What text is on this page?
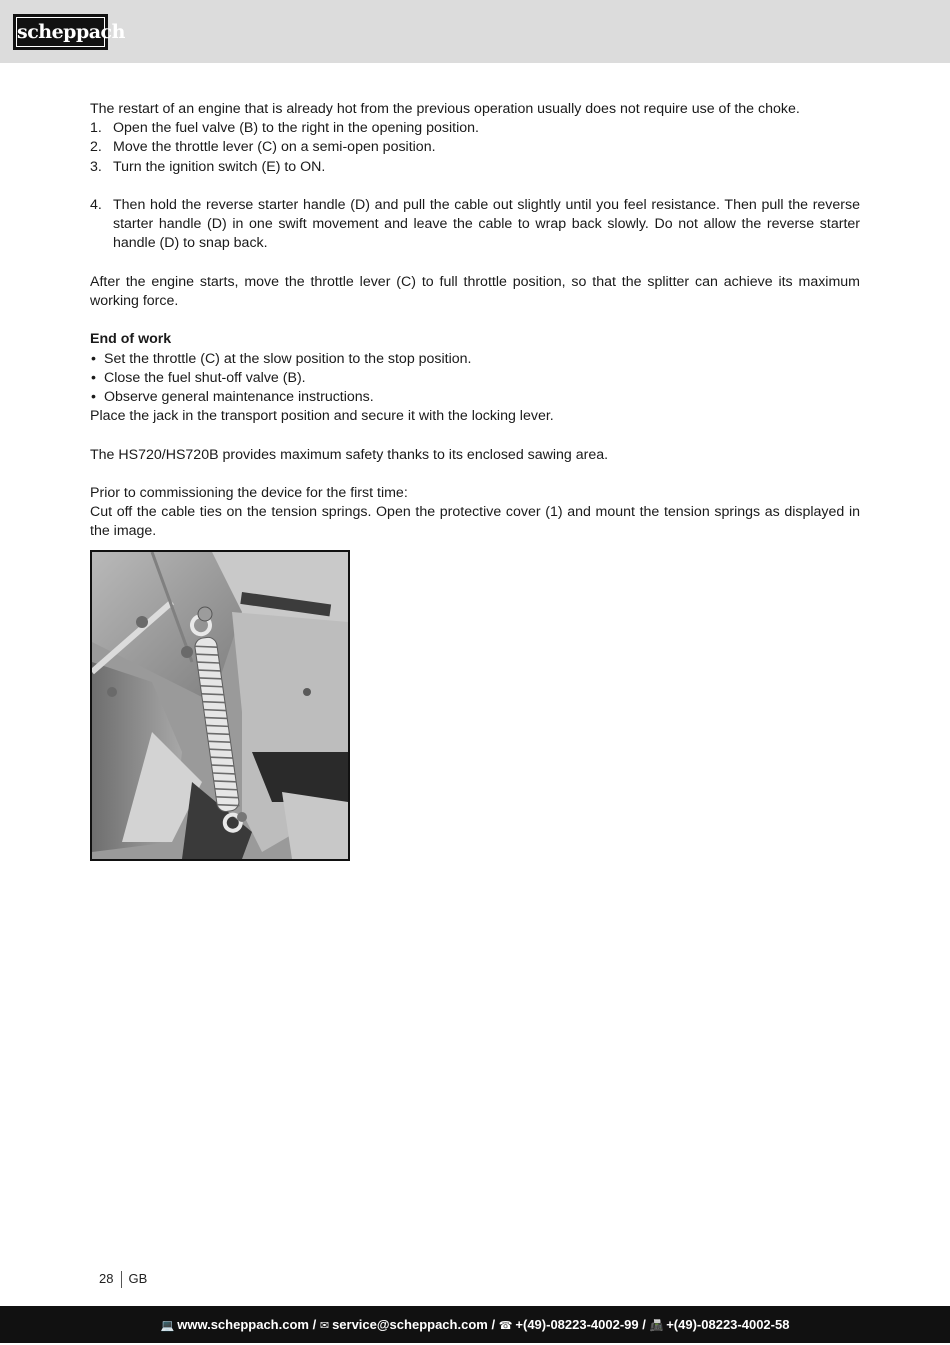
scheppach

The restart of an engine that is already hot from the previous operation usually does not require use of the choke.

1. Open the fuel valve (B) to the right in the opening position.
2. Move the throttle lever (C) on a semi-open position.
3. Turn the ignition switch (E) to ON.
4. Then hold the reverse starter handle (D) and pull the cable out slightly until you feel resistance. Then pull the reverse starter handle (D) in one swift movement and leave the cable to wrap back slowly. Do not allow the reverse starter handle (D) to snap back.

After the engine starts, move the throttle lever (C) to full throttle position, so that the splitter can achieve its maximum working force.

End of work

• Set the throttle (C) at the slow position to the stop position.
• Close the fuel shut-off valve (B).
• Observe general maintenance instructions.

Place the jack in the transport position and secure it with the locking lever.

The HS720/HS720B provides maximum safety thanks to its enclosed sawing area.

Prior to commissioning the device for the first time:

Cut off the cable ties on the tension springs. Open the protective cover (1) and mount the tension springs as displayed in the image.

28 GB
💻 www.scheppach.com / ✉ service@scheppach.com / ☎ +(49)-08223-4002-99 / 📠 +(49)-08223-4002-58
